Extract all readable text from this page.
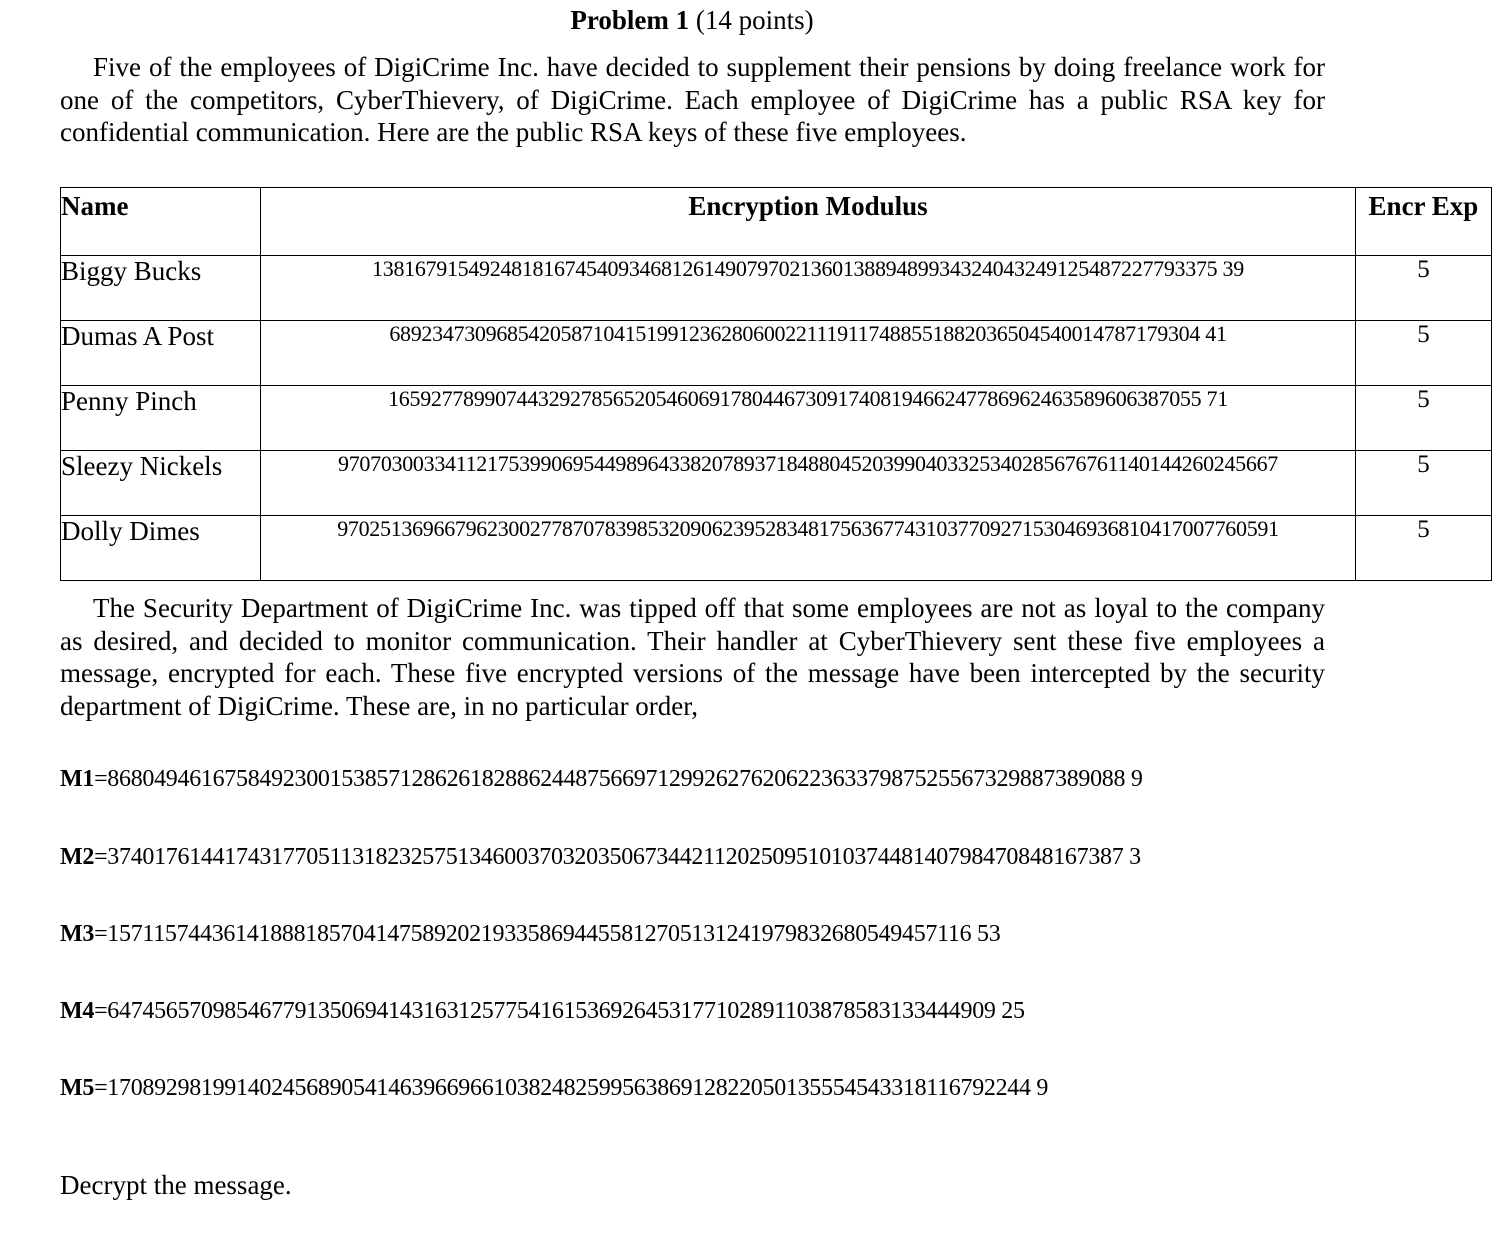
Problem 1 (14 points)
Five of the employees of DigiCrime Inc. have decided to supplement their pensions by doing freelance work for one of the competitors, CyberThievery, of DigiCrime. Each employee of DigiCrime has a public RSA key for confidential communication. Here are the public RSA keys of these five employees.
Name	Encryption Modulus	Encr Exp
Biggy Bucks	1381679154924818167454093468126149079702136013889489934324043249125487227793375 39	5
Dumas A Post	6892347309685420587104151991236280600221119117488551882036504540014787179304 41	5
Penny Pinch	1659277899074432927856520546069178044673091740819466247786962463589606387055 71	5
Sleezy Nickels	9707030033411217539906954498964338207893718488045203990403325340285676761140144260245667	5
Dolly Dimes	9702513696679623002778707839853209062395283481756367743103770927153046936810417007760591	5
The Security Department of DigiCrime Inc. was tipped off that some employees are not as loyal to the company as desired, and decided to monitor communication. Their handler at CyberThievery sent these five employees a message, encrypted for each. These five encrypted versions of the message have been intercepted by the security department of DigiCrime. These are, in no particular order,
M1=868049461675849230015385712862618288624487566971299262762062236337987525567329887389088 9
M2=374017614417431770511318232575134600370320350673442112025095101037448140798470848167387 3
M3=15711574436141888185704147589202193358694455812705131241979832680549457116 53
M4=6474565709854677913506941431631257754161536926453177102891103878583133444909 25
M5=1708929819914024568905414639669661038248259956386912822050135554543318116792244 9
Decrypt the message.
